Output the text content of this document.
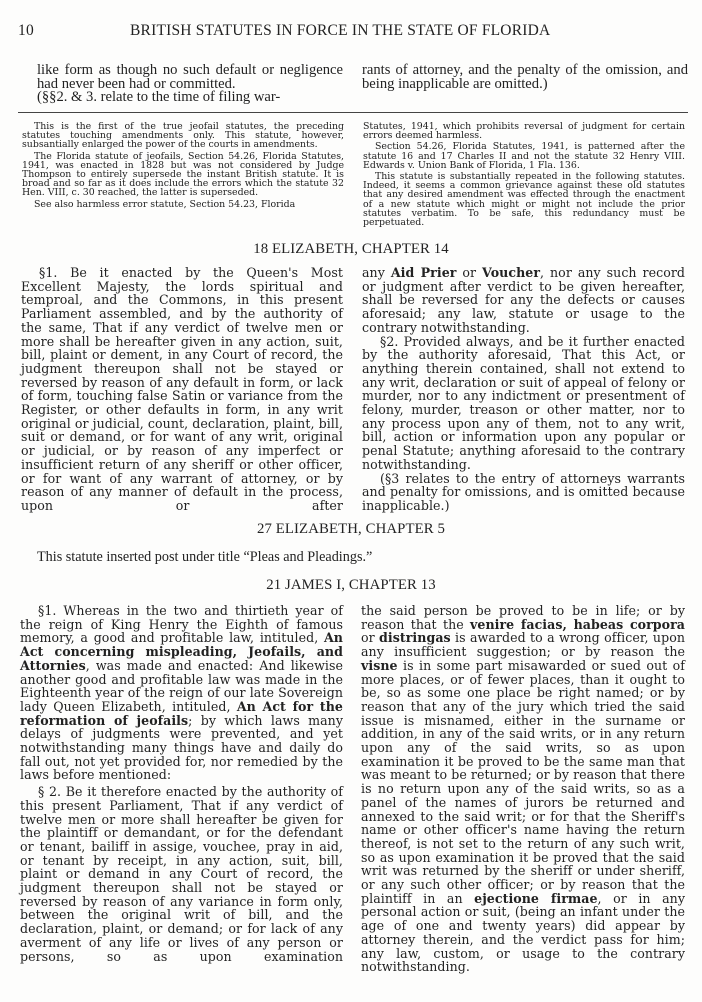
10	BRITISH STATUTES IN FORCE IN THE STATE OF FLORIDA

like form as though no such default or negligence had never been had or committed.

(§§2. & 3. relate to the time of filing war-

rants of attorney, and the penalty of the omission, and being inapplicable are omitted.)

This is the first of the true jeofail statutes, the preceding statutes touching amendments only. This statute, however, subsantially enlarged the power of the courts in amendments.

The Florida statute of jeofails, Section 54.26, Florida Statutes, 1941, was enacted in 1828 but was not considered by Judge Thompson to entirely supersede the instant British statute. It is broad and so far as it does include the errors which the statute 32 Hen. VIII, c. 30 reached, the latter is superseded.

See also harmless error statute, Section 54.23, Florida

Statutes, 1941, which prohibits reversal of judgment for certain errors deemed harmless.

Section 54.26, Florida Statutes, 1941, is patterned after the statute 16 and 17 Charles II and not the statute 32 Henry VIII. Edwards v. Union Bank of Florida, 1 Fla. 136.

This statute is substantially repeated in the following statutes. Indeed, it seems a common grievance against these old statutes that any desired amendment was effected through the enactment of a new statute which might or might not include the prior statutes verbatim. To be safe, this redundancy must be perpetuated.

18 ELIZABETH, CHAPTER 14

§1. Be it enacted by the Queen's Most Excellent Majesty, the lords spiritual and temproal, and the Commons, in this present Parliament assembled, and by the authority of the same, That if any verdict of twelve men or more shall be hereafter given in any action, suit, bill, plaint or dement, in any Court of record, the judgment thereupon shall not be stayed or reversed by reason of any default in form, or lack of form, touching false Satin or variance from the Register, or other defaults in form, in any writ original or judicial, count, declaration, plaint, bill, suit or demand, or for want of any writ, original or judicial, or by reason of any imperfect or insufficient return of any sheriff or other officer, or for want of any warrant of attorney, or by reason of any manner of default in the process, upon or after

any Aid Prier or Voucher, nor any such record or judgment after verdict to be given hereafter, shall be reversed for any the defects or causes aforesaid; any law, statute or usage to the contrary notwithstanding.

§2. Provided always, and be it further enacted by the authority aforesaid, That this Act, or anything therein contained, shall not extend to any writ, declaration or suit of appeal of felony or murder, nor to any indictment or presentment of felony, murder, treason or other matter, nor to any process upon any of them, not to any writ, bill, action or information upon any popular or penal Statute; anything aforesaid to the contrary notwithstanding.

(§3 relates to the entry of attorneys warrants and penalty for omissions, and is omitted because inapplicable.)

27 ELIZABETH, CHAPTER 5
This statute inserted post under title “Pleas and Pleadings.”
21 JAMES I, CHAPTER 13

§1. Whereas in the two and thirtieth year of the reign of King Henry the Eighth of famous memory, a good and profitable law, intituled, An Act concerning mispleading, Jeofails, and Attornies, was made and enacted: And likewise another good and profitable law was made in the Eighteenth year of the reign of our late Sovereign lady Queen Elizabeth, intituled, An Act for the reformation of jeofails; by which laws many delays of judgments were prevented, and yet notwithstanding many things have and daily do fall out, not yet provided for, nor remedied by the laws before mentioned:

§ 2. Be it therefore enacted by the authority of this present Parliament, That if any verdict of twelve men or more shall hereafter be given for the plaintiff or demandant, or for the defendant or tenant, bailiff in assige, vouchee, pray in aid, or tenant by receipt, in any action, suit, bill, plaint or demand in any Court of record, the judgment thereupon shall not be stayed or reversed by reason of any variance in form only, between the original writ of bill, and the declaration, plaint, or demand; or for lack of any averment of any life or lives of any person or persons, so as upon examination

the said person be proved to be in life; or by reason that the venire facias, habeas corpora or distringas is awarded to a wrong officer, upon any insufficient suggestion; or by reason the visne is in some part misawarded or sued out of more places, or of fewer places, than it ought to be, so as some one place be right named; or by reason that any of the jury which tried the said issue is misnamed, either in the surname or addition, in any of the said writs, or in any return upon any of the said writs, so as upon examination it be proved to be the same man that was meant to be returned; or by reason that there is no return upon any of the said writs, so as a panel of the names of jurors be returned and annexed to the said writ; or for that the Sheriff's name or other officer's name having the return thereof, is not set to the return of any such writ, so as upon examination it be proved that the said writ was returned by the sheriff or under sheriff, or any such other officer; or by reason that the plaintiff in an ejectione firmae, or in any personal action or suit, (being an infant under the age of one and twenty years) did appear by attorney therein, and the verdict pass for him; any law, custom, or usage to the contrary notwithstanding.
